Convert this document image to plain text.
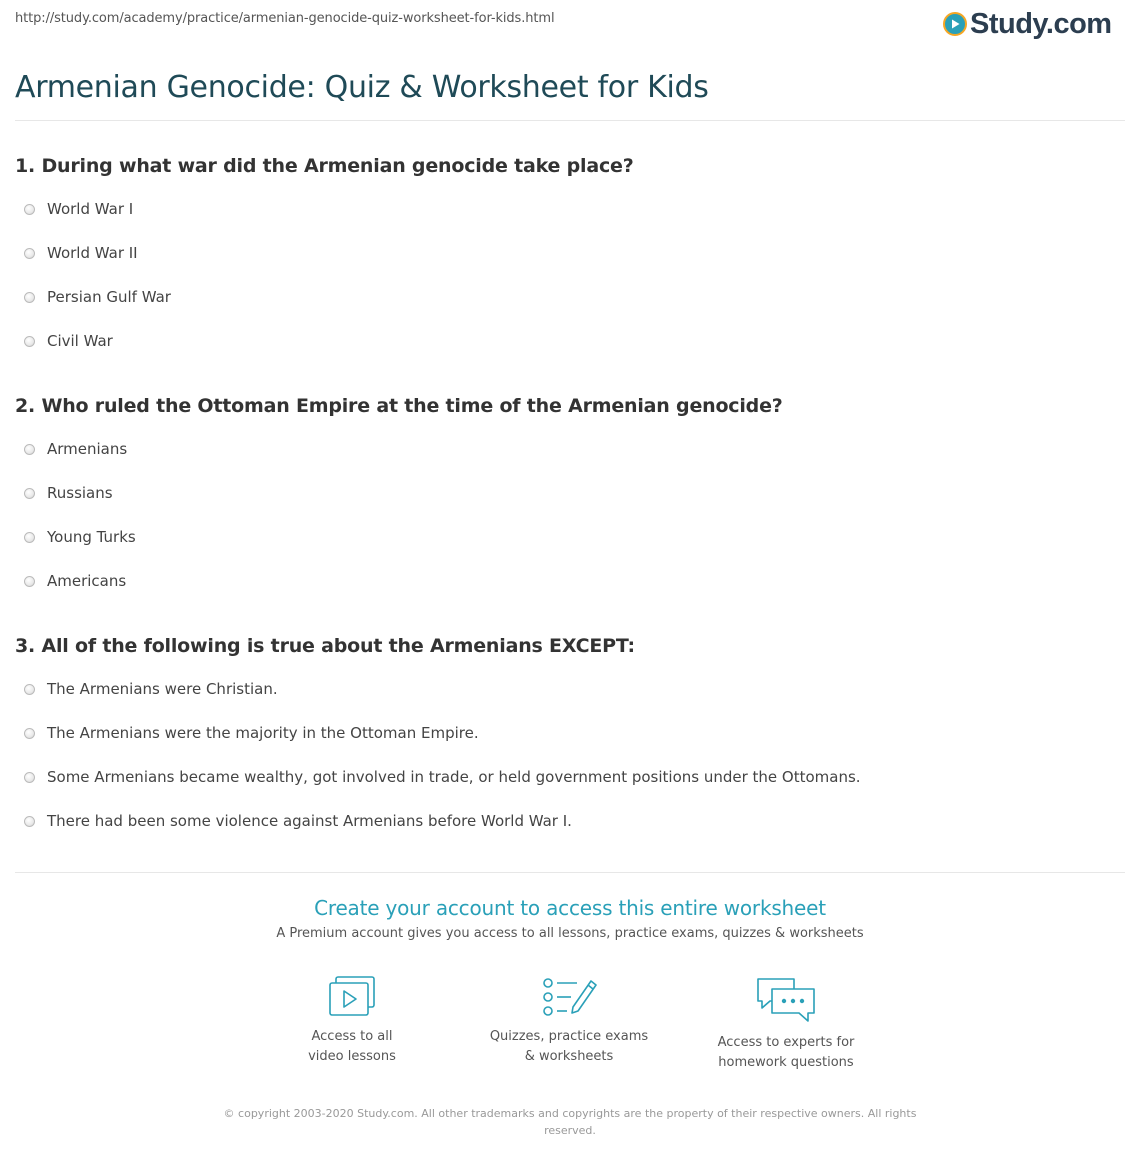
http://study.com/academy/practice/armenian-genocide-quiz-worksheet-for-kids.html	Study.com
Armenian Genocide: Quiz & Worksheet for Kids
1. During what war did the Armenian genocide take place?
World War I
World War II
Persian Gulf War
Civil War
2. Who ruled the Ottoman Empire at the time of the Armenian genocide?
Armenians
Russians
Young Turks
Americans
3. All of the following is true about the Armenians EXCEPT:
The Armenians were Christian.
The Armenians were the majority in the Ottoman Empire.
Some Armenians became wealthy, got involved in trade, or held government positions under the Ottomans.
There had been some violence against Armenians before World War I.
Create your account to access this entire worksheet
A Premium account gives you access to all lessons, practice exams, quizzes & worksheets
Access to all
video lessons
Quizzes, practice exams
& worksheets
Access to experts for
homework questions
© copyright 2003-2020 Study.com. All other trademarks and copyrights are the property of their respective owners. All rights reserved.
